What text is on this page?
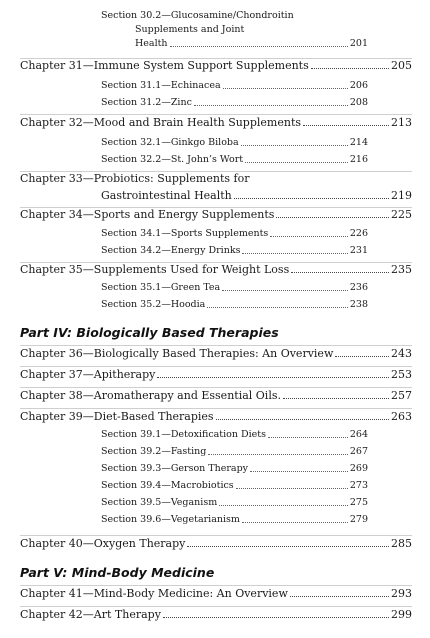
Section 30.2—Glucosamine/Chondroitin
Supplements and Joint
Health	201
Chapter 31—Immune System Support Supplements	205
Section 31.1—Echinacea	206
Section 31.2—Zinc	208
Chapter 32—Mood and Brain Health Supplements	213
Section 32.1—Ginkgo Biloba	214
Section 32.2—St. John’s Wort	216
Chapter 33—Probiotics: Supplements for
Gastrointestinal Health	219
Chapter 34—Sports and Energy Supplements	225
Section 34.1—Sports Supplements	226
Section 34.2—Energy Drinks	231
Chapter 35—Supplements Used for Weight Loss	235
Section 35.1—Green Tea	236
Section 35.2—Hoodia	238
Part IV: Biologically Based Therapies
Chapter 36—Biologically Based Therapies: An Overview	243
Chapter 37—Apitherapy	253
Chapter 38—Aromatherapy and Essential Oils.	257
Chapter 39—Diet-Based Therapies	263
Section 39.1—Detoxification Diets	264
Section 39.2—Fasting	267
Section 39.3—Gerson Therapy	269
Section 39.4—Macrobiotics	273
Section 39.5—Veganism	275
Section 39.6—Vegetarianism	279
Chapter 40—Oxygen Therapy	285
Part V: Mind-Body Medicine
Chapter 41—Mind-Body Medicine: An Overview	293
Chapter 42—Art Therapy	299
